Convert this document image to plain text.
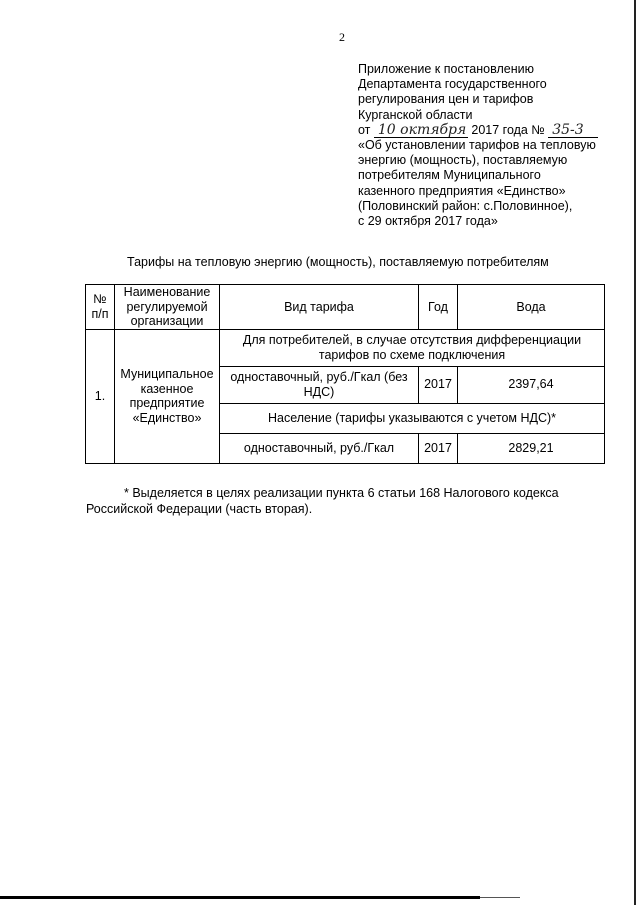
2
Приложение к постановлению
Департамента государственного
регулирования цен и тарифов
Курганской области
от 10 октября 2017 года № 35-3
«Об установлении тарифов на тепловую
энергию (мощность), поставляемую
потребителям Муниципального
казенного предприятия «Единство»
(Половинский район: с.Половинное),
с 29 октября 2017 года»
Тарифы на тепловую энергию (мощность), поставляемую потребителям
№ п/п	Наименование регулируемой организации	Вид тарифа	Год	Вода
1.	Муниципальное казенное предприятие «Единство»	Для потребителей, в случае отсутствия дифференциации тарифов по схеме подключения		
		одноставочный, руб./Гкал (без НДС)	2017	2397,64
		Население (тарифы указываются с учетом НДС)*		
		одноставочный, руб./Гкал	2017	2829,21
* Выделяется в целях реализации пункта 6 статьи 168 Налогового кодекса
Российской Федерации (часть вторая).
